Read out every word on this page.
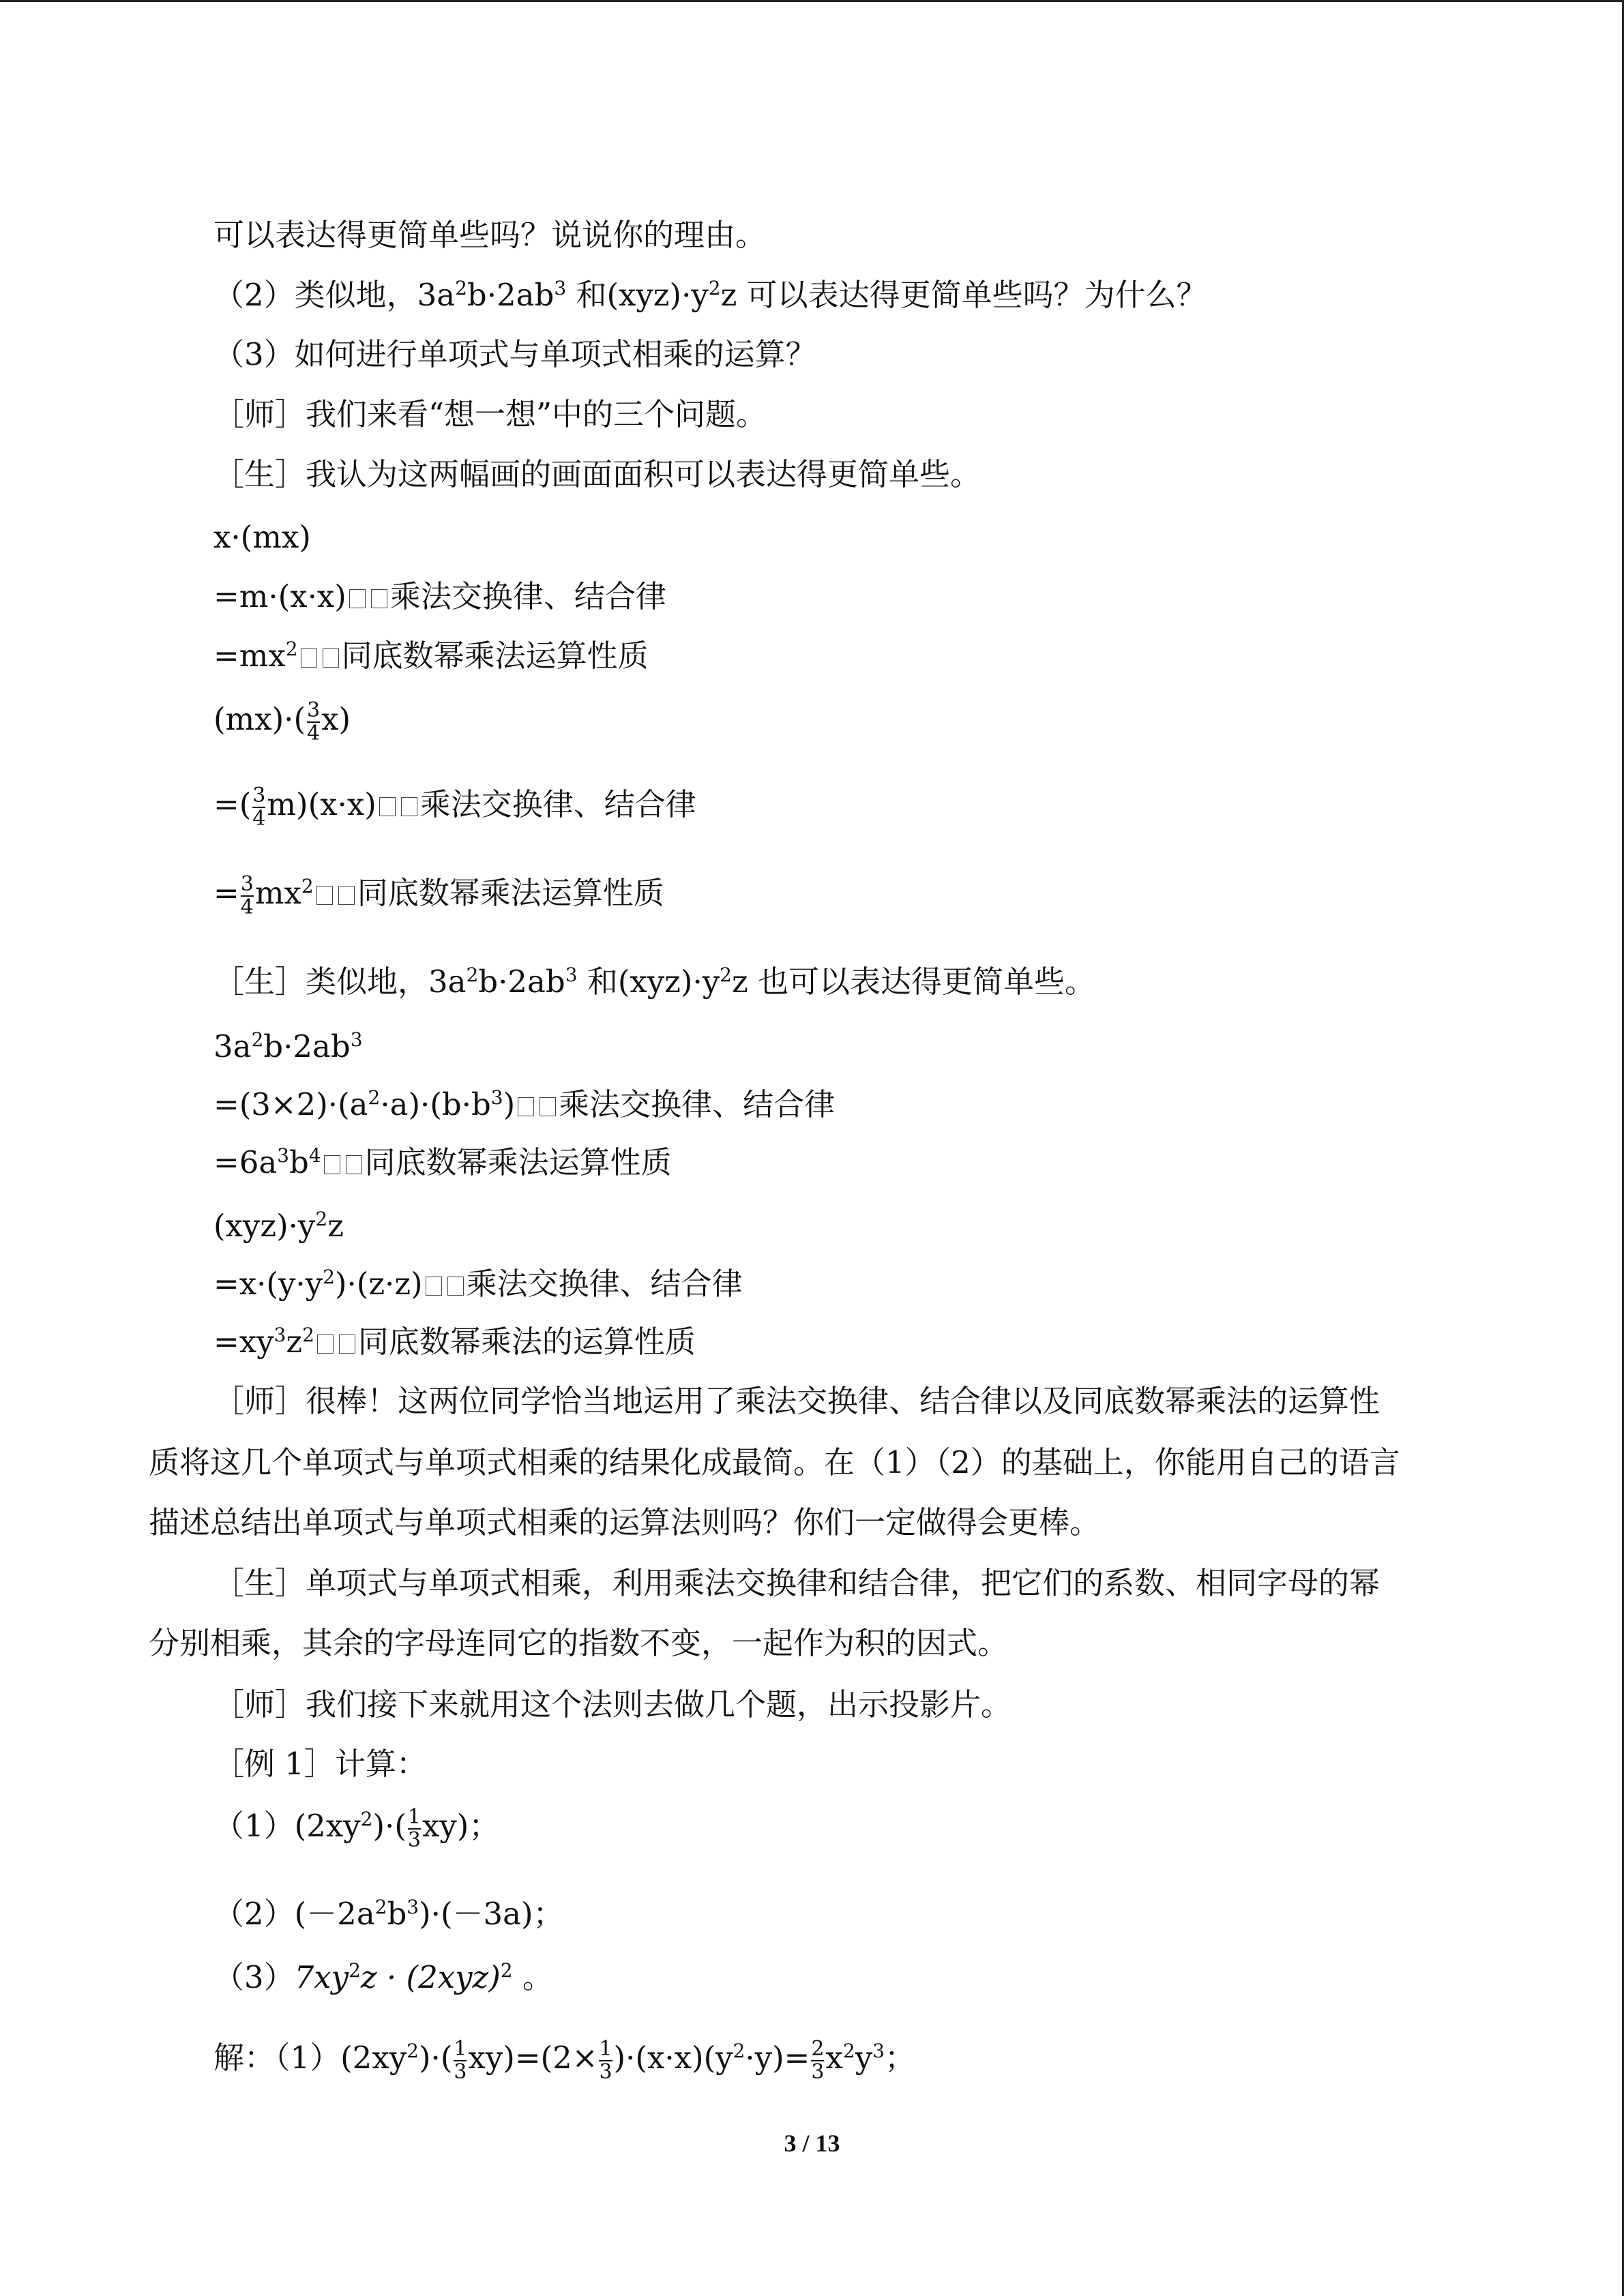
可以表达得更简单些吗？说说你的理由。
（2）类似地，$3a^2b\cdot 2ab^3$ 和$(xyz)\cdot y^2z$ 可以表达得更简单些吗？为什么？
（3）如何进行单项式与单项式相乘的运算？
［师］我们来看“想一想”中的三个问题。
［生］我认为这两幅画的画面面积可以表达得更简单些。
x·(mx)
=m·(x·x) 乘法交换律、结合律
$=mx^2$ 同底数幂乘法运算性质
$(mx)\cdot( \frac{3}{4} x)$
=( $\frac{3}{4} m)(x\cdot x)$ 乘法交换律、结合律
= $\frac{3}{4} mx^2$ 同底数幂乘法运算性质
［生］类似地，$3a^2b\cdot 2ab^3$ 和$(xyz)\cdot y^2z$ 也可以表达得更简单些。
$3a^2b\cdot 2ab^3$
$=(3\times 2)\cdot(a^2\cdot a)\cdot(b\cdot b^3)$ 乘法交换律、结合律
$=6a^3b^4$ 同底数幂乘法运算性质
$(xyz)\cdot y^2z$
$=x\cdot(y\cdot y^2)\cdot(z\cdot z)$ 乘法交换律、结合律
$=xy^3z^2$ 同底数幂乘法的运算性质
［师］很棒！这两位同学恰当地运用了乘法交换律、结合律以及同底数幂乘法的运算性
质将这几个单项式与单项式相乘的结果化成最简。在（1）（2）的基础上，你能用自己的语言
描述总结出单项式与单项式相乘的运算法则吗？你们一定做得会更棒。
［生］单项式与单项式相乘，利用乘法交换律和结合律，把它们的系数、相同字母的幂
分别相乘，其余的字母连同它的指数不变，一起作为积的因式。
［师］我们接下来就用这个法则去做几个题，出示投影片。
［例 1］计算：
$(1)(2xy^2)\cdot( \frac{1}{3} xy)$；
$(2)(-2a^2b^3)\cdot(-3a)$；
$(3)7xy^2z \cdot (2xyz)^2$ 。
解：$(1)(2xy^2)\cdot( \frac{1}{3} xy)=(2\times \frac{1}{3} )\cdot(x\cdot x)(y^2\cdot y)= \frac{2}{3} x^2y^3$；
3 / 13
